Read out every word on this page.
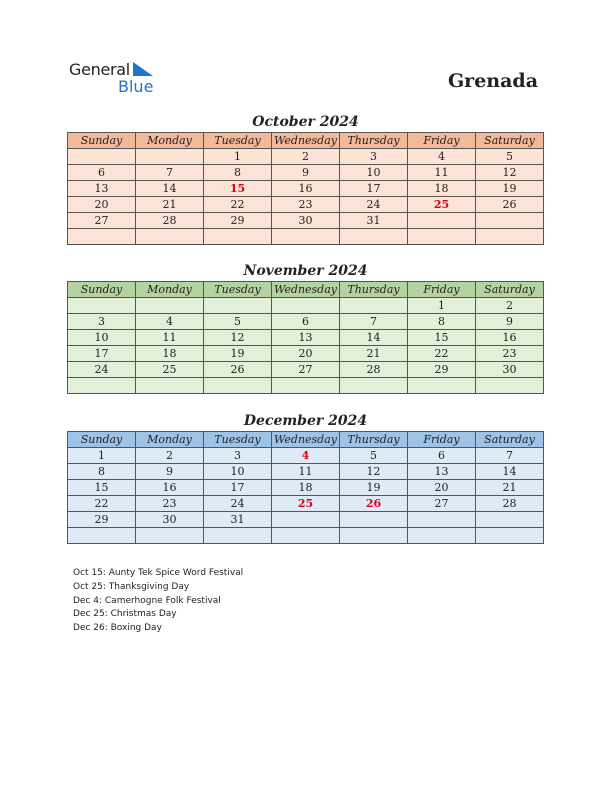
General
Blue	Grenada
October 2024
Sunday	Monday	Tuesday	Wednesday	Thursday	Friday	Saturday
		1	2	3	4	5
6	7	8	9	10	11	12
13	14	15	16	17	18	19
20	21	22	23	24	25	26
27	28	29	30	31		

November 2024
Sunday	Monday	Tuesday	Wednesday	Thursday	Friday	Saturday
					1	2
3	4	5	6	7	8	9
10	11	12	13	14	15	16
17	18	19	20	21	22	23
24	25	26	27	28	29	30

December 2024
Sunday	Monday	Tuesday	Wednesday	Thursday	Friday	Saturday
1	2	3	4	5	6	7
8	9	10	11	12	13	14
15	16	17	18	19	20	21
22	23	24	25	26	27	28
29	30	31				

Oct 15: Aunty Tek Spice Word Festival
Oct 25: Thanksgiving Day
Dec 4: Camerhogne Folk Festival
Dec 25: Christmas Day
Dec 26: Boxing Day
